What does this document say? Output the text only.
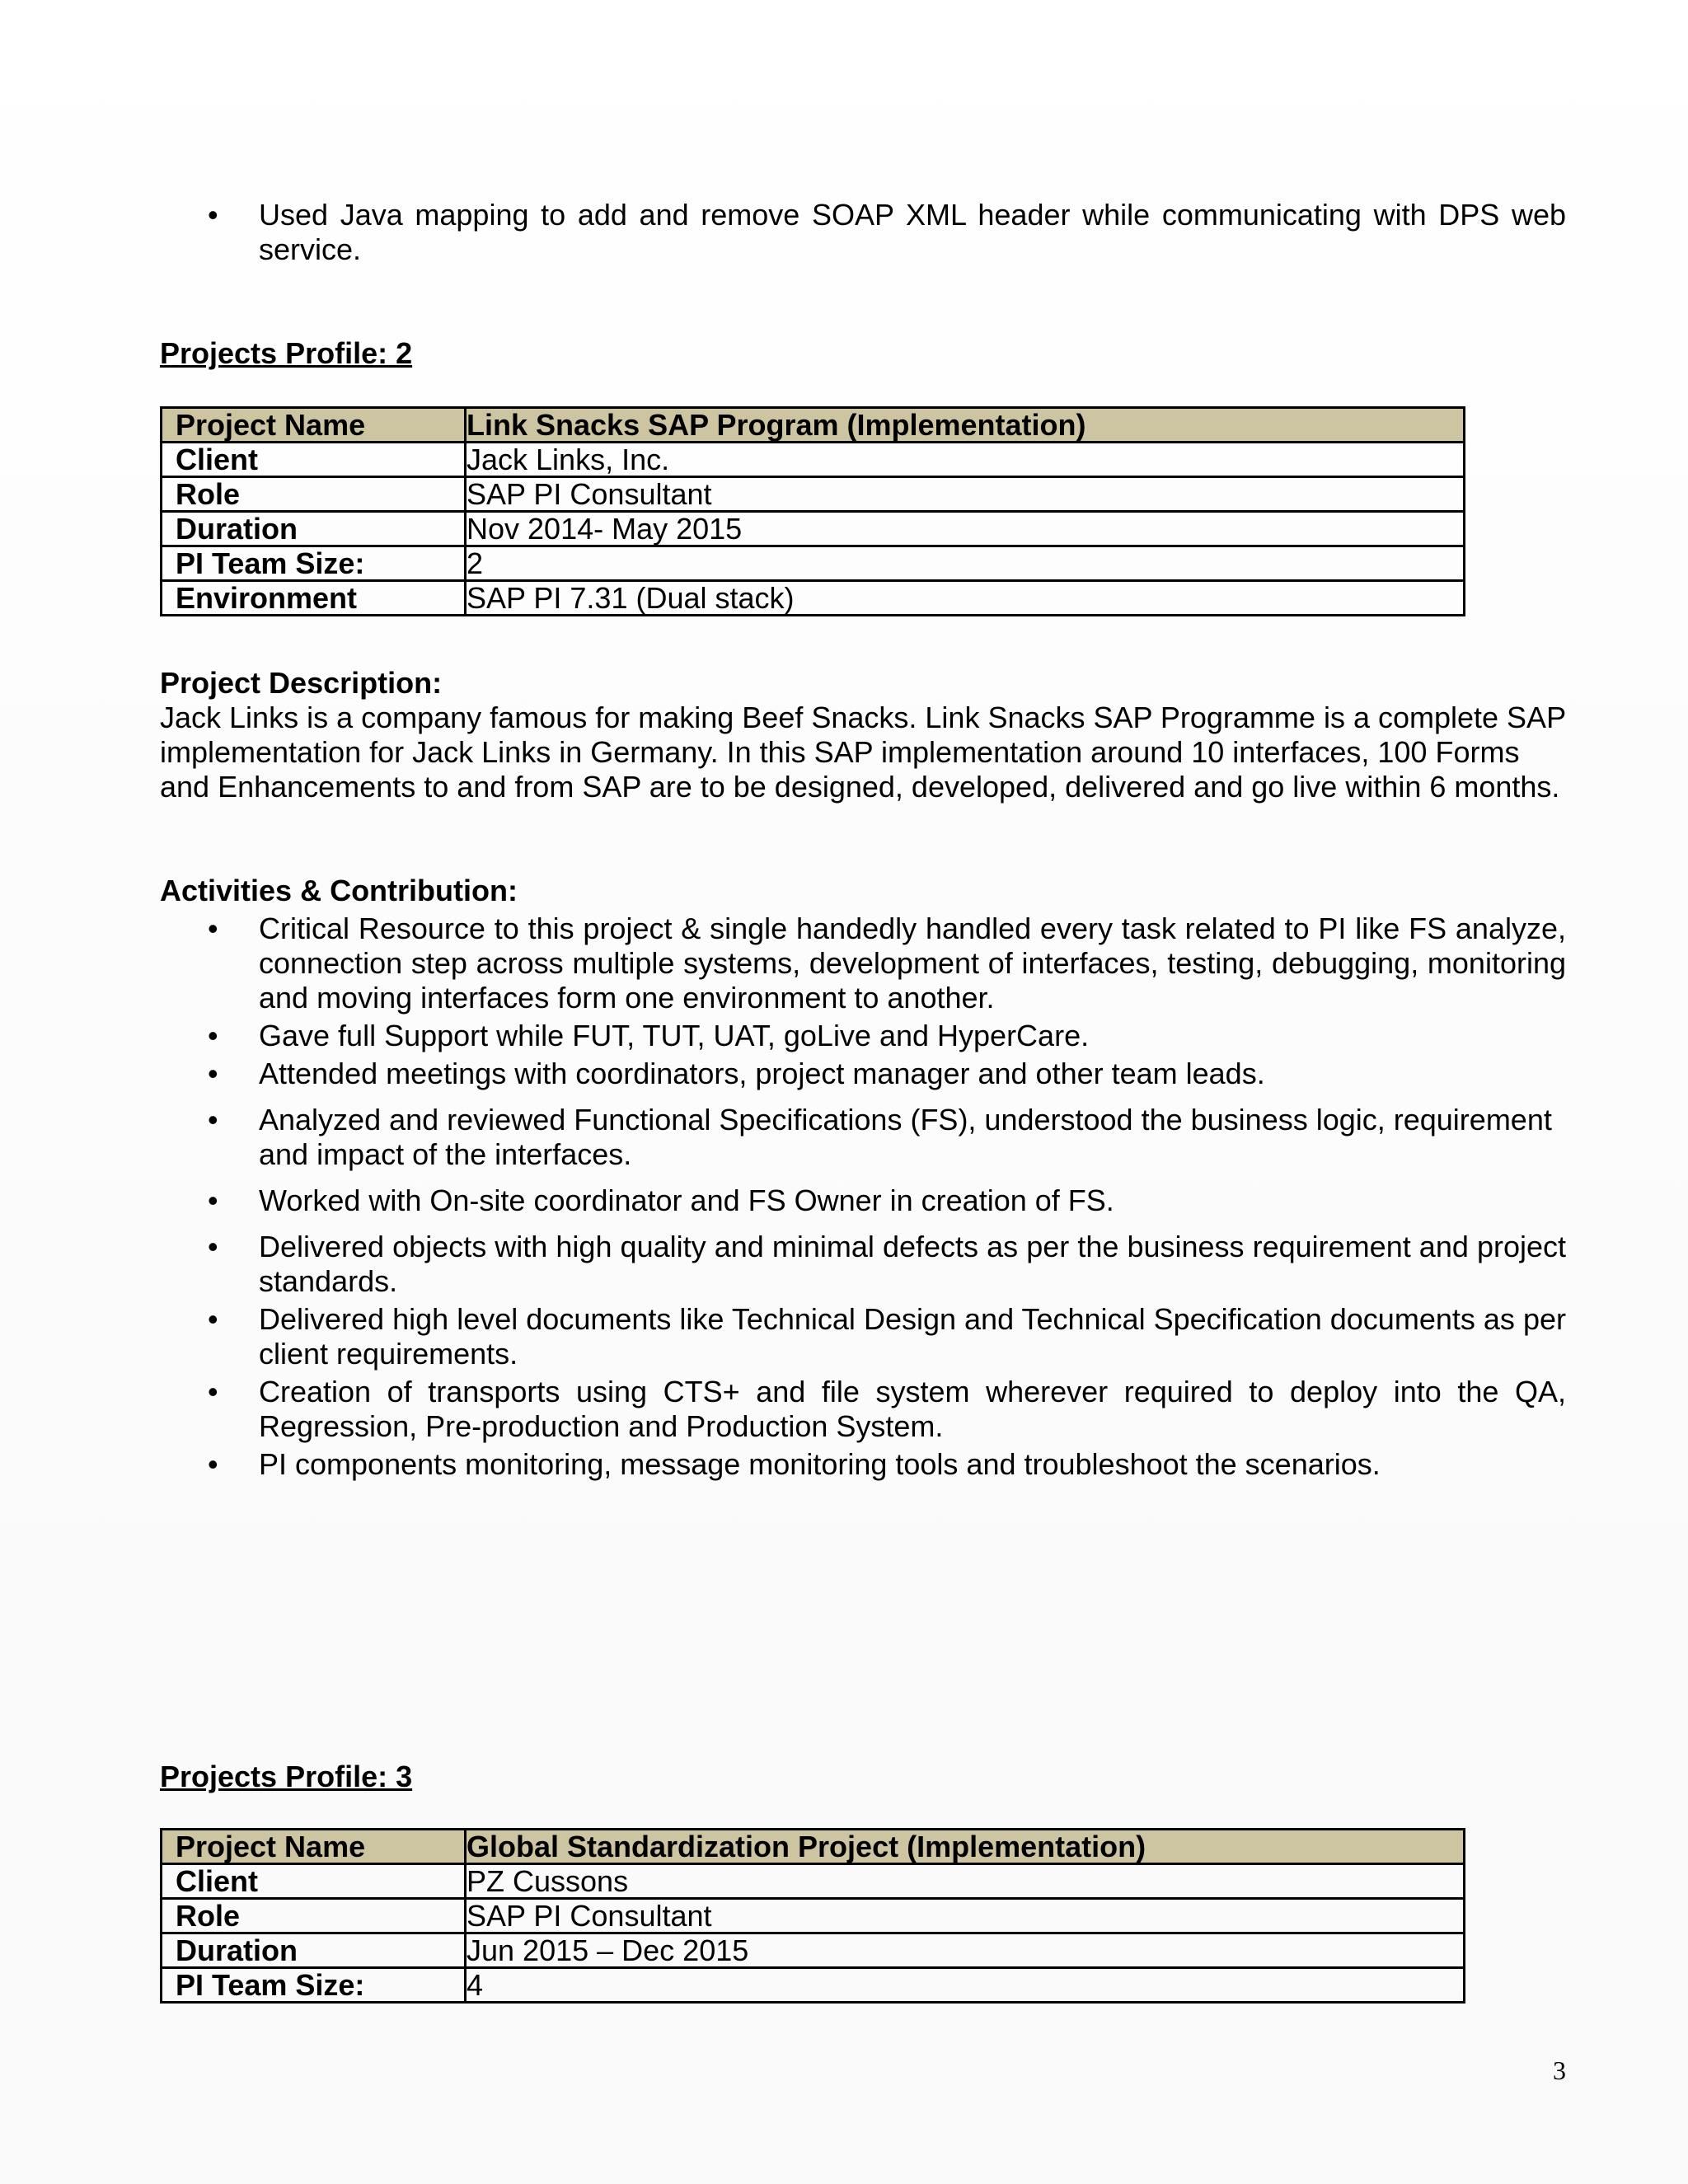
• Used Java mapping to add and remove SOAP XML header while communicating with DPS web service.
Projects Profile: 2
Project Name	Link Snacks SAP Program (Implementation)
Client	Jack Links, Inc.
Role	SAP PI Consultant
Duration	Nov 2014- May 2015
PI Team Size:	2
Environment	SAP PI 7.31 (Dual stack)
Project Description:
Jack Links is a company famous for making Beef Snacks. Link Snacks SAP Programme is a complete SAP implementation for Jack Links in Germany. In this SAP implementation around 10 interfaces, 100 Forms and Enhancements to and from SAP are to be designed, developed, delivered and go live within 6 months.
Activities & Contribution:
• Critical Resource to this project & single handedly handled every task related to PI like FS analyze, connection step across multiple systems, development of interfaces, testing, debugging, monitoring and moving interfaces form one environment to another.
• Gave full Support while FUT, TUT, UAT, goLive and HyperCare.
• Attended meetings with coordinators, project manager and other team leads.
• Analyzed and reviewed Functional Specifications (FS), understood the business logic, requirement and impact of the interfaces.
• Worked with On-site coordinator and FS Owner in creation of FS.
• Delivered objects with high quality and minimal defects as per the business requirement and project standards.
• Delivered high level documents like Technical Design and Technical Specification documents as per client requirements.
• Creation of transports using CTS+ and file system wherever required to deploy into the QA, Regression, Pre-production and Production System.
• PI components monitoring, message monitoring tools and troubleshoot the scenarios.
Projects Profile: 3
Project Name	Global Standardization Project (Implementation)
Client	PZ Cussons
Role	SAP PI Consultant
Duration	Jun 2015 – Dec 2015
PI Team Size:	4
3
